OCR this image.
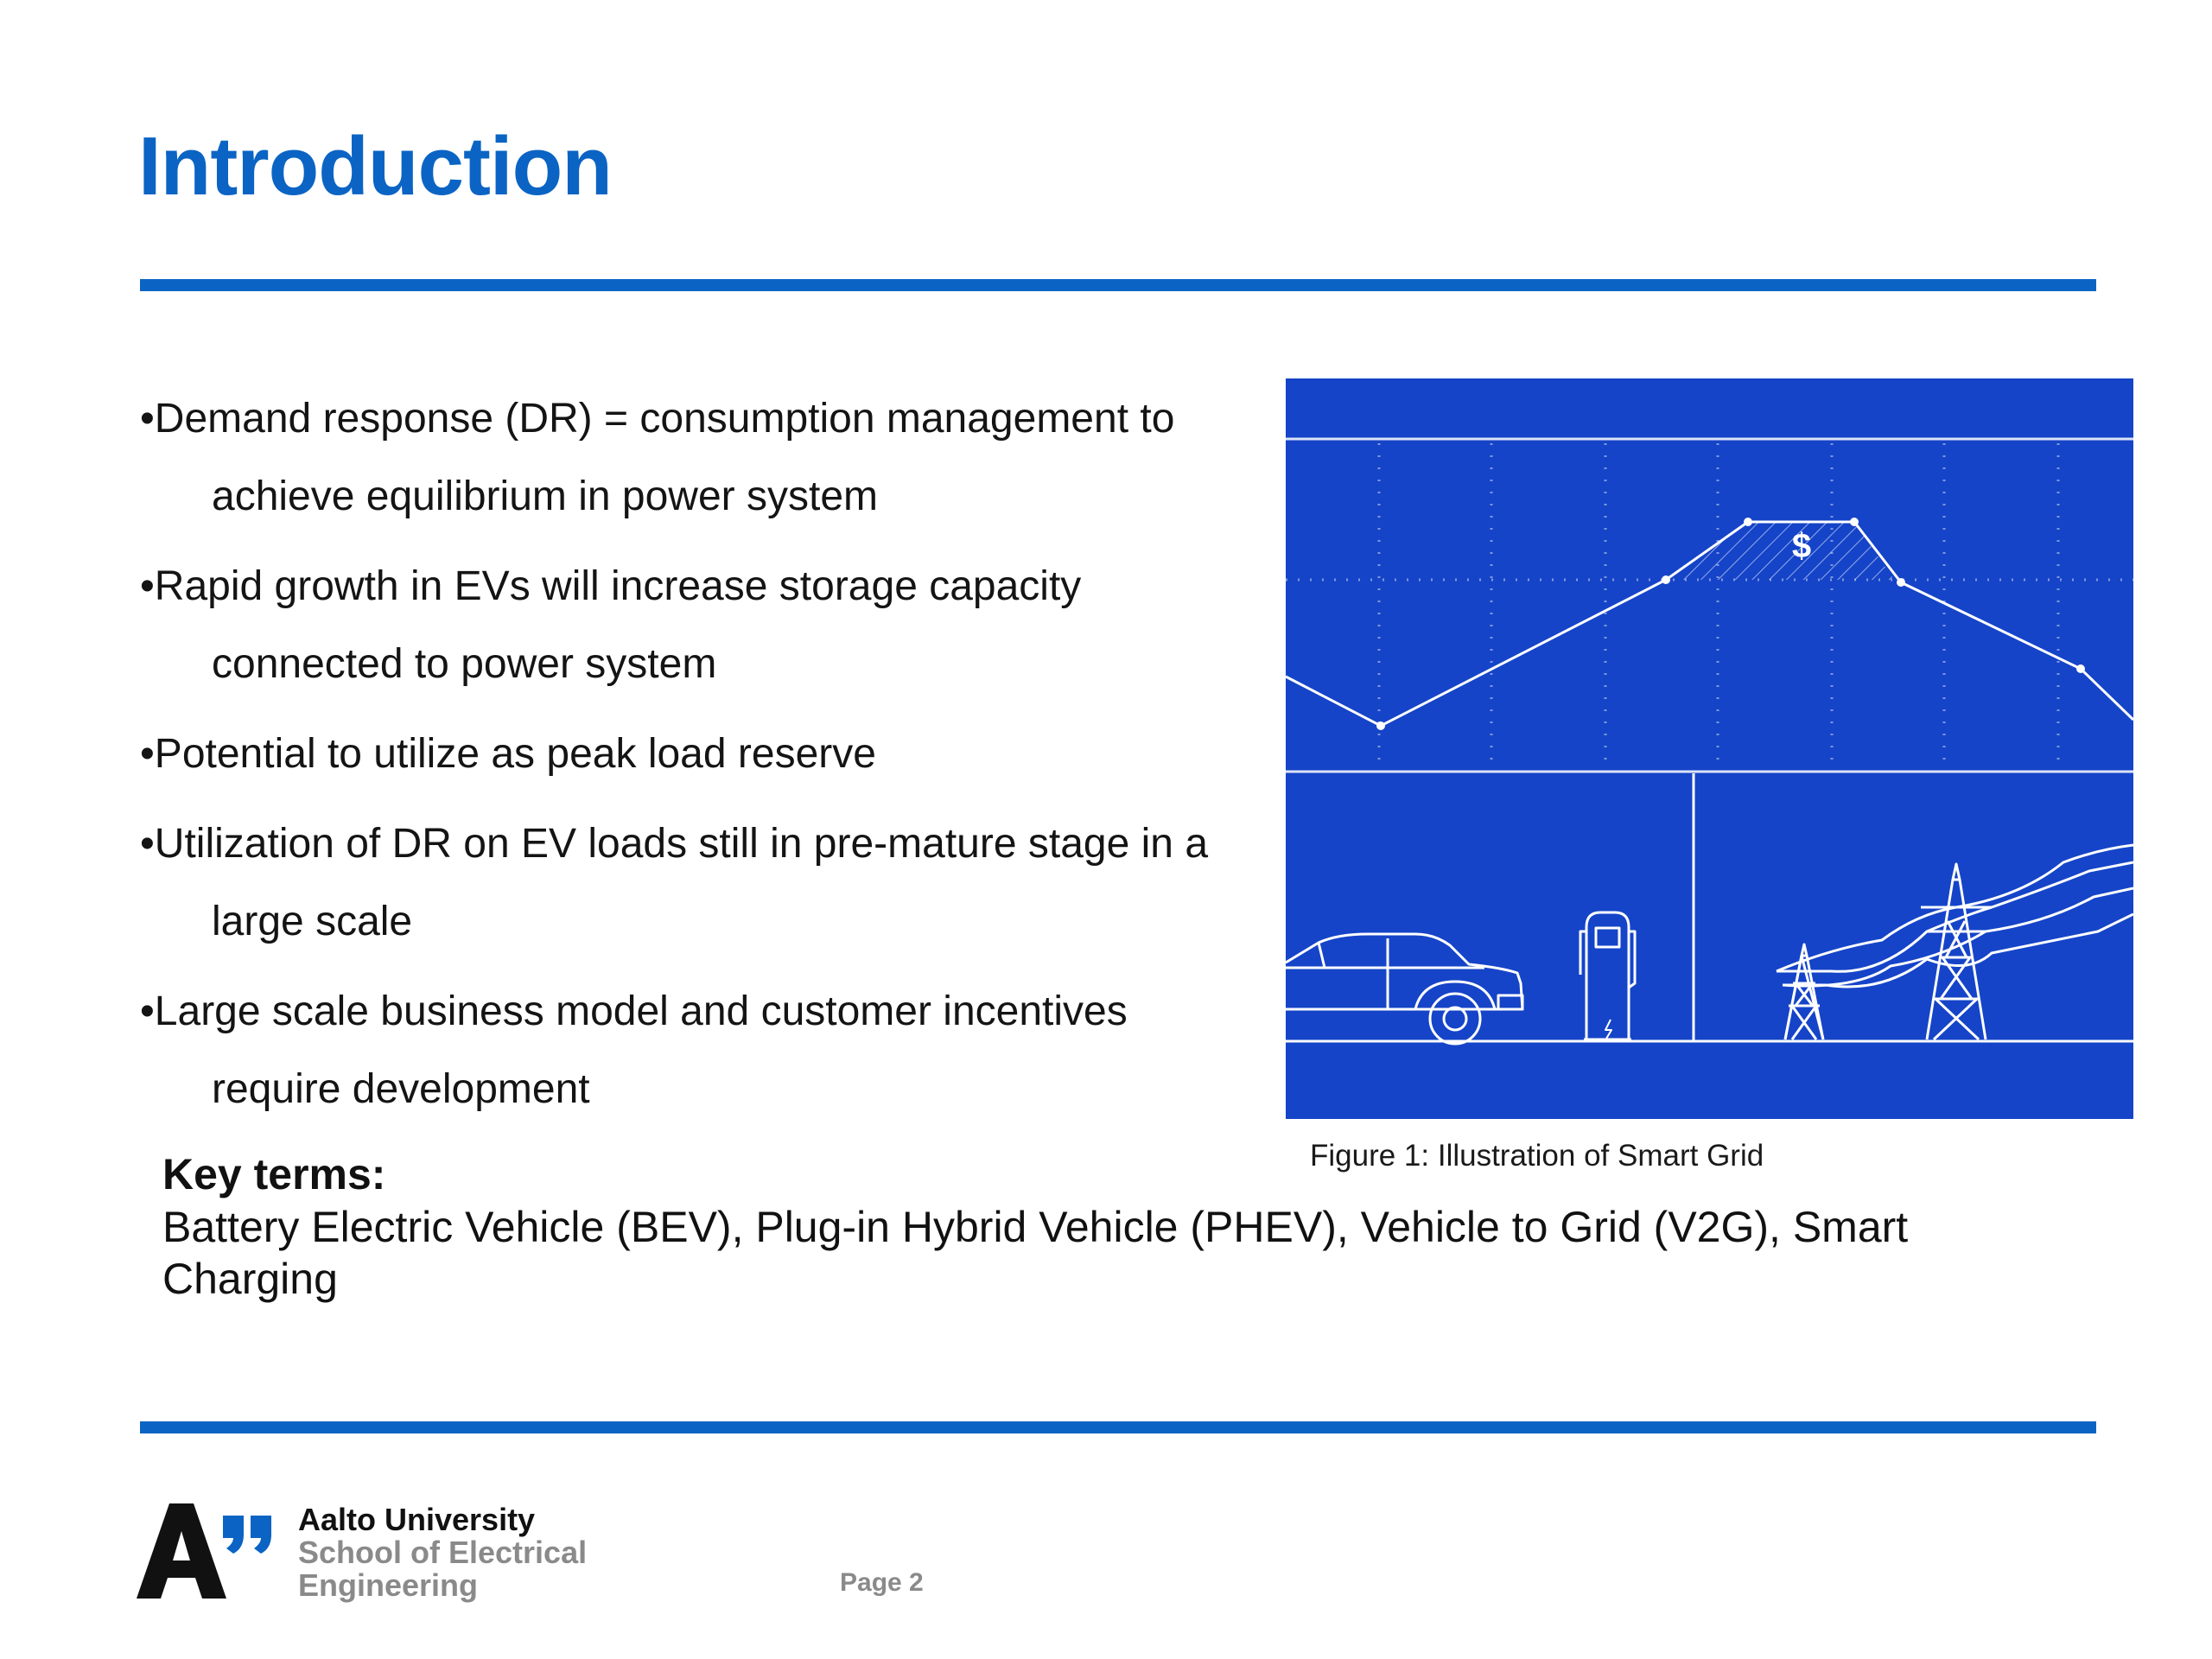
Introduction
•Demand response (DR) = consumption management to
achieve equilibrium in power system
•Rapid growth in EVs will increase storage capacity
connected to power system
•Potential to utilize as peak load reserve
•Utilization of DR on EV loads still in pre-mature stage in a
large scale
•Large scale business model and customer incentives
require development
$
Figure 1: Illustration of Smart Grid
Key terms:
Battery Electric Vehicle (BEV), Plug-in Hybrid Vehicle (PHEV), Vehicle to Grid (V2G), Smart Charging
Aalto University
School of Electrical
Engineering	Page 2
